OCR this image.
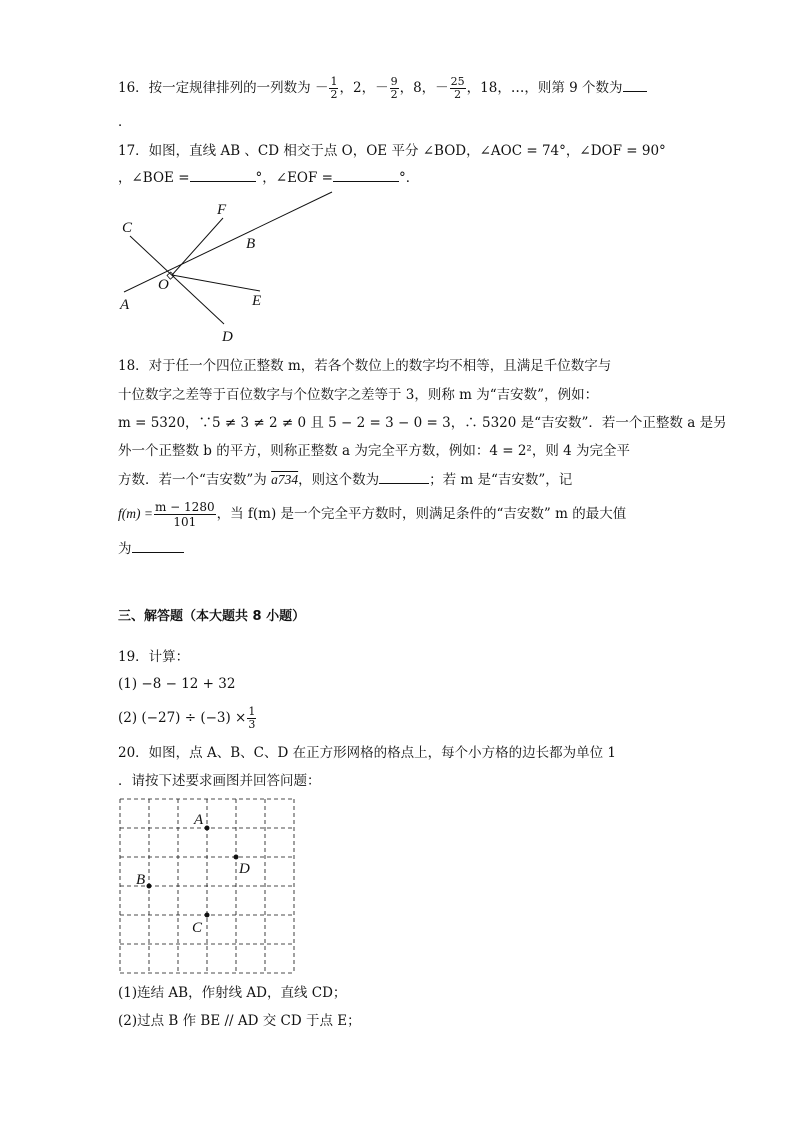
16．按一定规律排列的一列数为 － $\frac{1}{2}$ ，2，－ $\frac{9}{2}$ ，8，－ $\frac{25}{2}$ ，18，…，则第 9 个数为
．
17．如图，直线 AB 、CD 相交于点 O，OE 平分 ∠BOD，∠AOC = 74°，∠DOF = 90°
，∠BOE =	°，∠EOF =	°．
C
F
B
O
A	E
D
18．对于任一个四位正整数 m，若各个数位上的数字均不相等，且满足千位数字与
十位数字之差等于百位数字与个位数字之差等于 3，则称 m 为“吉安数”，例如：
m = 5320，∵5 ≠ 3 ≠ 2 ≠ 0 且 5 − 2 = 3 − 0 = 3，∴ 5320 是“吉安数”．若一个正整数 a 是另
外一个正整数 b 的平方，则称正整数 a 为完全平方数，例如：4 = 2²，则 4 为完全平
方数．若一个“吉安数”为 a734，则这个数为	；若 m 是“吉安数”，记
$f(m) = \frac{m - 1280}{101}$ ，当 f(m) 是一个完全平方数时，则满足条件的“吉安数” m 的最大值
为
三、解答题（本大题共 8 小题）
19．计算：
(1) −8 − 12 + 32
(2) $(-27) \div (-3) \times \frac{1}{3}$
20．如图，点 A、B、C、D 在正方形网格的格点上，每个小方格的边长都为单位 1
．请按下述要求画图并回答问题：
A
D
B
C
(1)连结 AB，作射线 AD，直线 CD；
(2)过点 B 作 BE // AD 交 CD 于点 E；
